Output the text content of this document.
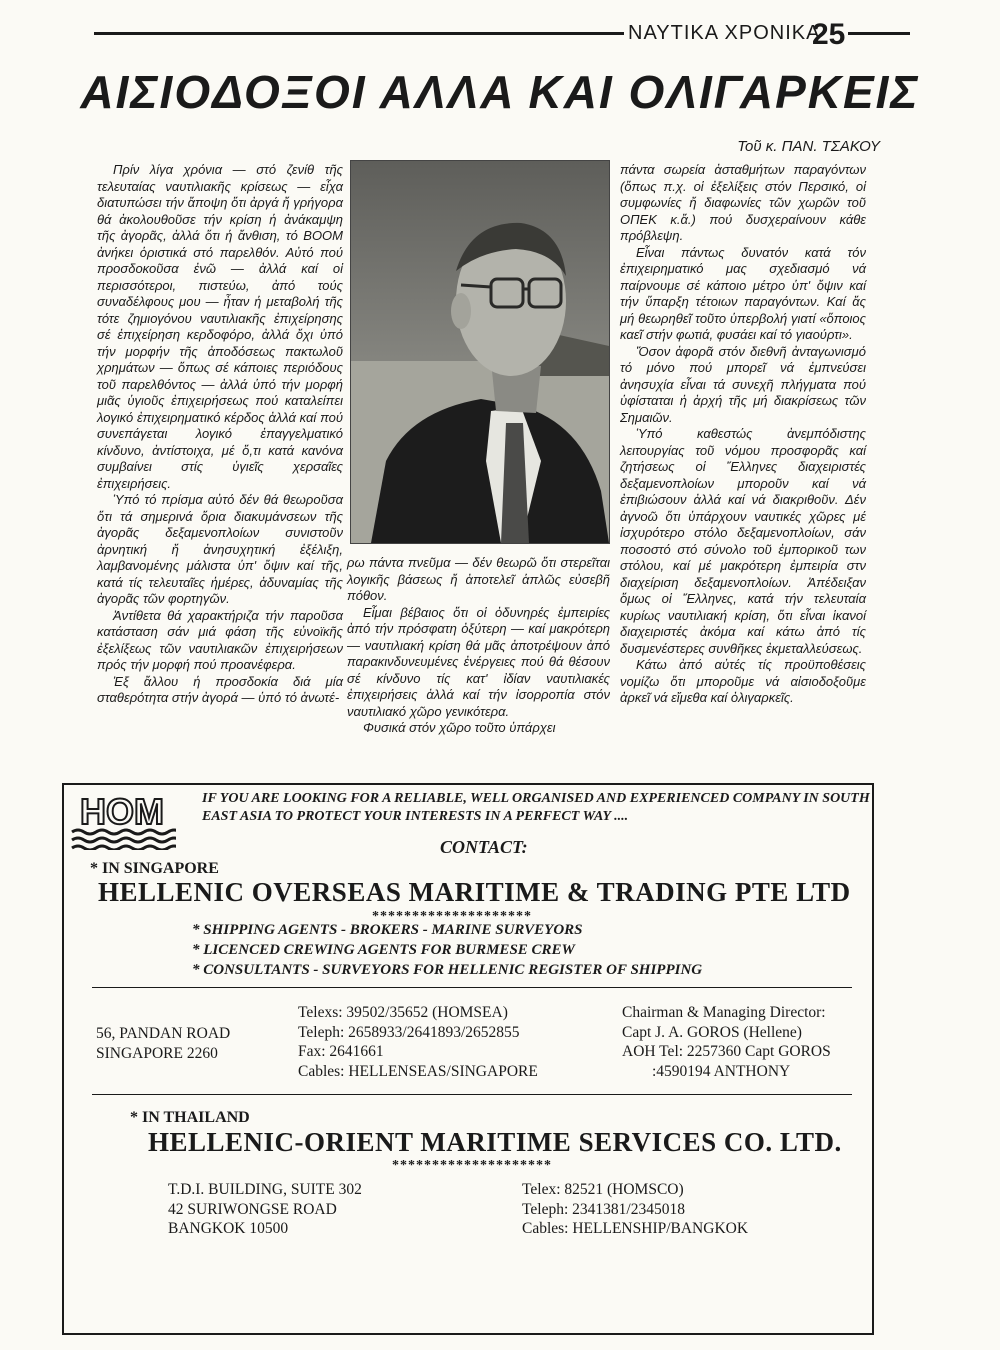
ΝΑΥΤΙΚΑ ΧΡΟΝΙΚΑ
25
ΑΙΣΙΟΔΟΞΟΙ ΑΛΛΑ ΚΑΙ ΟΛΙΓΑΡΚΕΙΣ
Τοῦ κ. ΠΑΝ. ΤΣΑΚΟΥ

Πρίν λίγα χρόνια — στό ζενίθ τῆς τελευταίας ναυτιλιακῆς κρίσεως — εἶχα διατυπώσει τήν ἄποψη ὅτι ἀργά ἤ γρήγορα θά ἀκολουθοῦσε τήν κρίση ἡ ἀνάκαμψη τῆς ἀγορᾶς, ἀλλά ὅτι ἡ ἄνθιση, τό ΒΟΟΜ ἀνήκει ὁριστικά στό παρελθόν. Αὐτό πού προσδοκοῦσα ἐνῶ — ἀλλά καί οἱ περισσότεροι, πιστεύω, ἀπό τούς συναδέλφους μου — ἦταν ἡ μεταβολή τῆς τότε ζημιογόνου ναυτιλιακῆς ἐπιχείρησης σέ ἐπιχείρηση κερδοφόρο, ἀλλά ὄχι ὑπό τήν μορφήν τῆς ἀποδόσεως πακτωλοῦ χρημάτων — ὅπως σέ κάποιες περιόδους τοῦ παρελθόντος — ἀλλά ὑπό τήν μορφή μιᾶς ὑγιοῦς ἐπιχειρήσεως πού καταλείπει λογικό ἐπιχειρηματικό κέρδος ἀλλά καί πού συνεπάγεται λογικό ἐπαγγελματικό κίνδυνο, ἀντίστοιχα, μέ ὅ,τι κατά κανόνα συμβαίνει στίς ὑγιεῖς χερσαῖες ἐπιχειρήσεις.

Ὑπό τό πρίσμα αὐτό δέν θά θεωροῦσα ὅτι τά σημερινά ὅρια διακυμάνσεων τῆς ἀγορᾶς δεξαμενοπλοίων συνιστοῦν ἀρνητική ἤ ἀνησυχητική ἐξέλιξη, λαμβανομένης μάλιστα ὑπ' ὄψιν καί τῆς, κατά τίς τελευταῖες ἡμέρες, ἀδυναμίας τῆς ἀγορᾶς τῶν φορτηγῶν.

Ἀντίθετα θά χαρακτήριζα τήν παροῦσα κατάσταση σάν μιά φάση τῆς εὐνοϊκῆς ἐξελίξεως τῶν ναυτιλιακῶν ἐπιχειρήσεων πρός τήν μορφή πού προανέφερα.

Ἐξ ἄλλου ἡ προσδοκία διά μία σταθερότητα στήν ἀγορά — ὑπό τό ἀνωτέ-

ρω πάντα πνεῦμα — δέν θεωρῶ ὅτι στερεῖται λογικῆς βάσεως ἤ ἀποτελεῖ ἁπλῶς εὐσεβῆ πόθον.

Εἶμαι βέβαιος ὅτι οἱ ὀδυνηρές ἐμπειρίες ἀπό τήν πρόσφατη ὀξύτερη — καί μακρότερη — ναυτιλιακή κρίση θά μᾶς ἀποτρέψουν ἀπό παρακινδυνευμένες ἐνέργειες πού θά θέσουν σέ κίνδυνο τίς κατ' ἰδίαν ναυτιλιακές ἐπιχειρήσεις ἀλλά καί τήν ἰσορροπία στόν ναυτιλιακό χῶρο γενικότερα.

Φυσικά στόν χῶρο τοῦτο ὑπάρχει

πάντα σωρεία ἀσταθμήτων παραγόντων (ὅπως π.χ. οἱ ἐξελίξεις στόν Περσικό, οἱ συμφωνίες ἤ διαφωνίες τῶν χωρῶν τοῦ ΟΠΕΚ κ.ἄ.) πού δυσχεραίνουν κάθε πρόβλεψη.

Εἶναι πάντως δυνατόν κατά τόν ἐπιχειρηματικό μας σχεδιασμό νά παίρνουμε σέ κάποιο μέτρο ὑπ' ὄψιν καί τήν ὕπαρξη τέτοιων παραγόντων. Καί ἄς μή θεωρηθεῖ τοῦτο ὑπερβολή γιατί «ὅποιος καεῖ στήν φωτιά, φυσάει καί τό γιαούρτι».

Ὅσον ἀφορᾶ στόν διεθνῆ ἀνταγωνισμό τό μόνο πού μπορεῖ νά ἐμπνεύσει ἀνησυχία εἶναι τά συνεχῆ πλήγματα πού ὑφίσταται ἡ ἀρχή τῆς μή διακρίσεως τῶν Σημαιῶν.

Ὑπό καθεστώς ἀνεμπόδιστης λειτουργίας τοῦ νόμου προσφορᾶς καί ζητήσεως οἱ Ἕλληνες διαχειριστές δεξαμενοπλοίων μποροῦν καί νά ἐπιβιώσουν ἀλλά καί νά διακριθοῦν. Δέν ἀγνοῶ ὅτι ὑπάρχουν ναυτικές χῶρες μέ ἰσχυρότερο στόλο δεξαμενοπλοίων, σάν ποσοστό στό σύνολο τοῦ ἐμπορικοῦ των στόλου, καί μέ μακρότερη ἐμπειρία στν διαχείριση δεξαμενοπλοίων. Ἀπέδειξαν ὅμως οἱ Ἕλληνες, κατά τήν τελευταία κυρίως ναυτιλιακή κρίση, ὅτι εἶναι ἱκανοί διαχειριστές ἀκόμα καί κάτω ἀπό τίς δυσμενέστερες συνθῆκες ἐκμεταλλεύσεως.

Κάτω ἀπό αὐτές τίς προϋποθέσεις νομίζω ὅτι μποροῦμε νά αἰσιοδοξοῦμε ἀρκεῖ νά εἴμεθα καί ὀλιγαρκεῖς.

HOM	IF YOU ARE LOOKING FOR A RELIABLE, WELL ORGANISED AND EXPERIENCED COMPANY IN SOUTH EAST ASIA TO PROTECT YOUR INTERESTS IN A PERFECT WAY ....
CONTACT:
* IN SINGAPORE
HELLENIC OVERSEAS MARITIME & TRADING PTE LTD
********************
* SHIPPING AGENTS - BROKERS - MARINE SURVEYORS
* LICENCED CREWING AGENTS FOR BURMESE CREW
* CONSULTANTS - SURVEYORS FOR HELLENIC REGISTER OF SHIPPING
56, PANDAN ROAD
SINGAPORE 2260
Telexs: 39502/35652 (HOMSEA)
Teleph: 2658933/2641893/2652855
Fax: 2641661
Cables: HELLENSEAS/SINGAPORE
Chairman & Managing Director:
Capt J. A. GOROS (Hellene)
AOH Tel: 2257360 Capt GOROS
:4590194 ANTHONY
* IN THAILAND
HELLENIC-ORIENT MARITIME SERVICES CO. LTD.
********************
T.D.I. BUILDING, SUITE 302
42 SURIWONGSE ROAD
BANGKOK 10500
Telex: 82521 (HOMSCO)
Teleph: 2341381/2345018
Cables: HELLENSHIP/BANGKOK
